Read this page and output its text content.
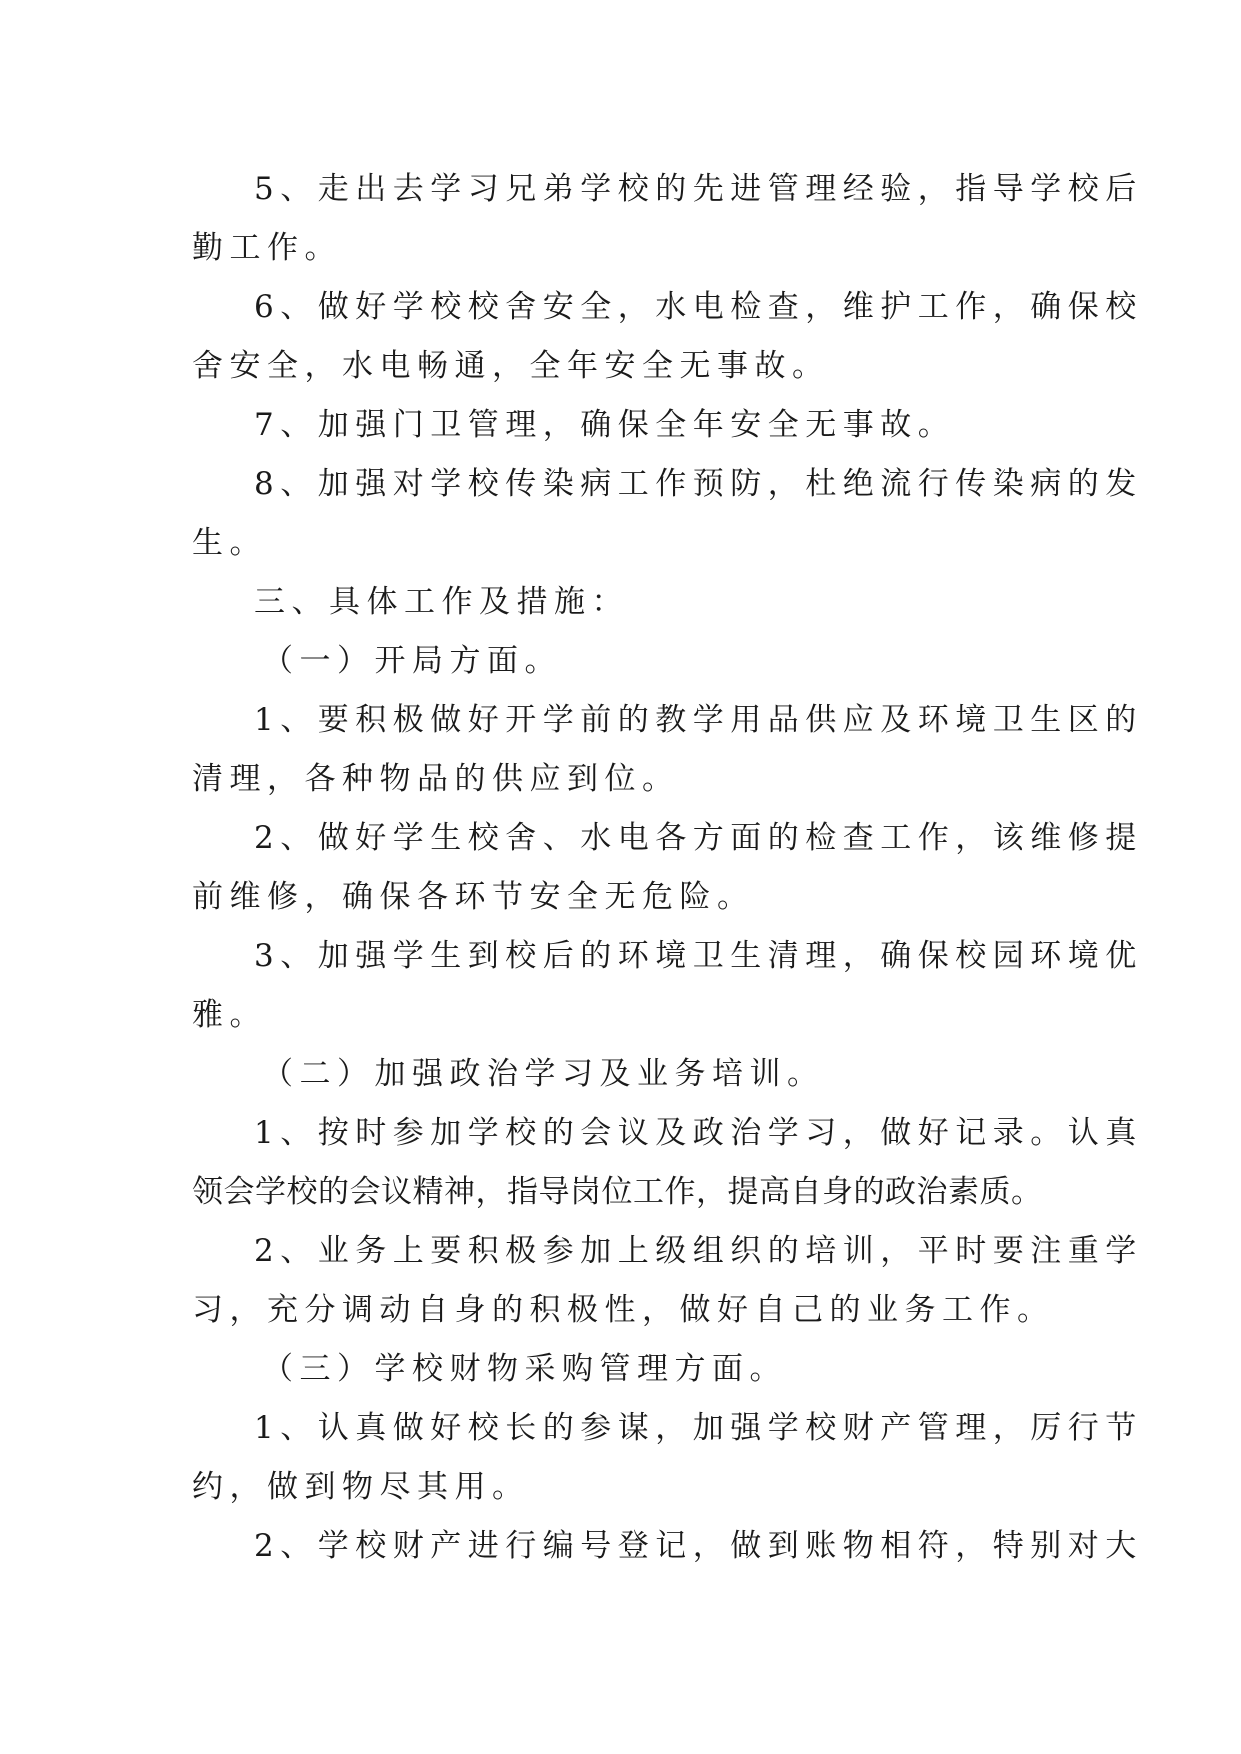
5、走出去学习兄弟学校的先进管理经验，指导学校后
勤工作。
6、做好学校校舍安全，水电检查，维护工作，确保校
舍安全，水电畅通，全年安全无事故。
7、加强门卫管理，确保全年安全无事故。
8、加强对学校传染病工作预防，杜绝流行传染病的发
生。
三、具体工作及措施：
（一）开局方面。
1、要积极做好开学前的教学用品供应及环境卫生区的
清理，各种物品的供应到位。
2、做好学生校舍、水电各方面的检查工作，该维修提
前维修，确保各环节安全无危险。
3、加强学生到校后的环境卫生清理，确保校园环境优
雅。
（二）加强政治学习及业务培训。
1、按时参加学校的会议及政治学习，做好记录。认真
领会学校的会议精神，指导岗位工作，提高自身的政治素质。
2、业务上要积极参加上级组织的培训，平时要注重学
习，充分调动自身的积极性，做好自己的业务工作。
（三）学校财物采购管理方面。
1、认真做好校长的参谋，加强学校财产管理，厉行节
约，做到物尽其用。
2、学校财产进行编号登记，做到账物相符，特别对大
